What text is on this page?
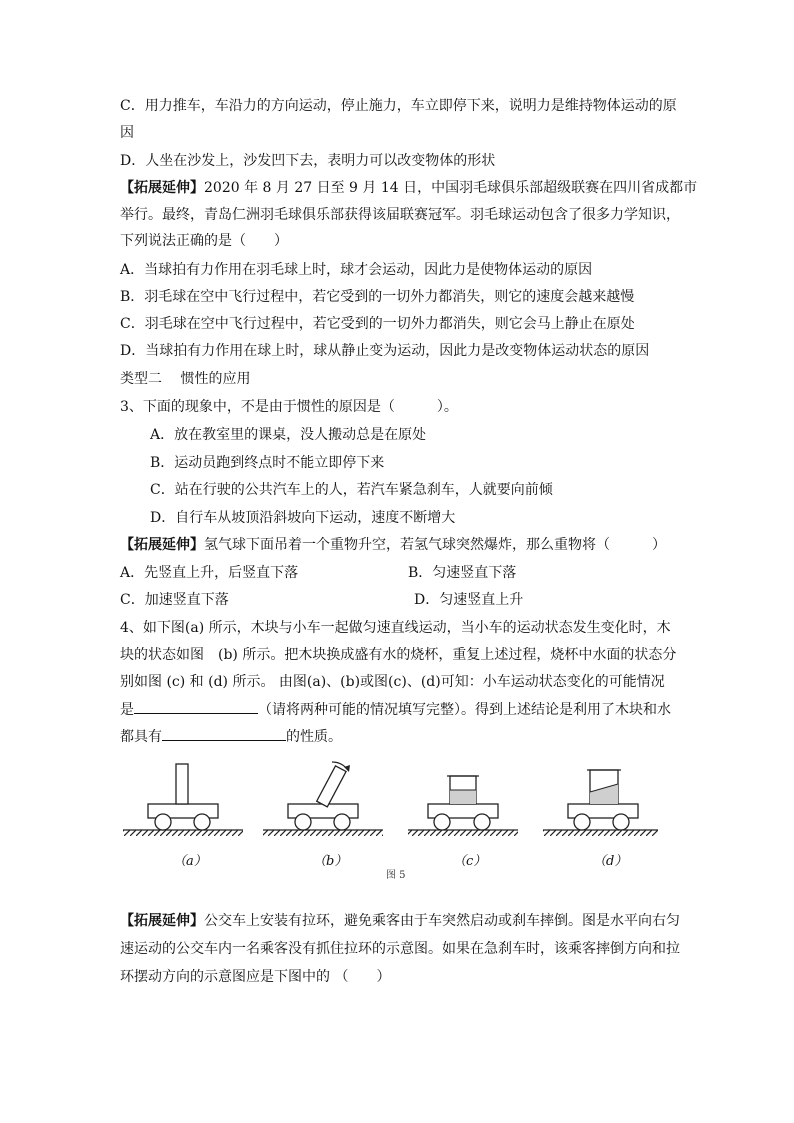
C．用力推车，车沿力的方向运动，停止施力，车立即停下来，说明力是维持物体运动的原
因
D．人坐在沙发上，沙发凹下去，表明力可以改变物体的形状
【拓展延伸】2020 年 8 月 27 日至 9 月 14 日，中国羽毛球俱乐部超级联赛在四川省成都市
举行。最终，青岛仁洲羽毛球俱乐部获得该届联赛冠军。羽毛球运动包含了很多力学知识，
下列说法正确的是（　　）
A．当球拍有力作用在羽毛球上时，球才会运动，因此力是使物体运动的原因
B．羽毛球在空中飞行过程中，若它受到的一切外力都消失，则它的速度会越来越慢
C．羽毛球在空中飞行过程中，若它受到的一切外力都消失，则它会马上静止在原处
D．当球拍有力作用在球上时，球从静止变为运动，因此力是改变物体运动状态的原因
类型二　 惯性的应用
3、下面的现象中，不是由于惯性的原因是（　　　）。
A．放在教室里的课桌，没人搬动总是在原处
B．运动员跑到终点时不能立即停下来
C．站在行驶的公共汽车上的人，若汽车紧急刹车，人就要向前倾
D．自行车从坡顶沿斜坡向下运动，速度不断增大
【拓展延伸】氢气球下面吊着一个重物升空，若氢气球突然爆炸，那么重物将（　　　）
A．先竖直上升，后竖直下落	B．匀速竖直下落
C．加速竖直下落	D．匀速竖直上升
4、如下图(a) 所示，木块与小车一起做匀速直线运动，当小车的运动状态发生变化时，木
块的状态如图　(b) 所示。把木块换成盛有水的烧杯，重复上述过程，烧杯中水面的状态分
别如图 (c) 和 (d) 所示。 由图(a)、(b)或图(c)、(d)可知：小车运动状态变化的可能情况
是	（请将两种可能的情况填写完整）。得到上述结论是利用了木块和水
都具有	的性质。
（a）	（b）	（c）	（d）
图 5
【拓展延伸】公交车上安装有拉环，避免乘客由于车突然启动或刹车摔倒。图是水平向右匀
速运动的公交车内一名乘客没有抓住拉环的示意图。如果在急刹车时，该乘客摔倒方向和拉
环摆动方向的示意图应是下图中的 （　　）
